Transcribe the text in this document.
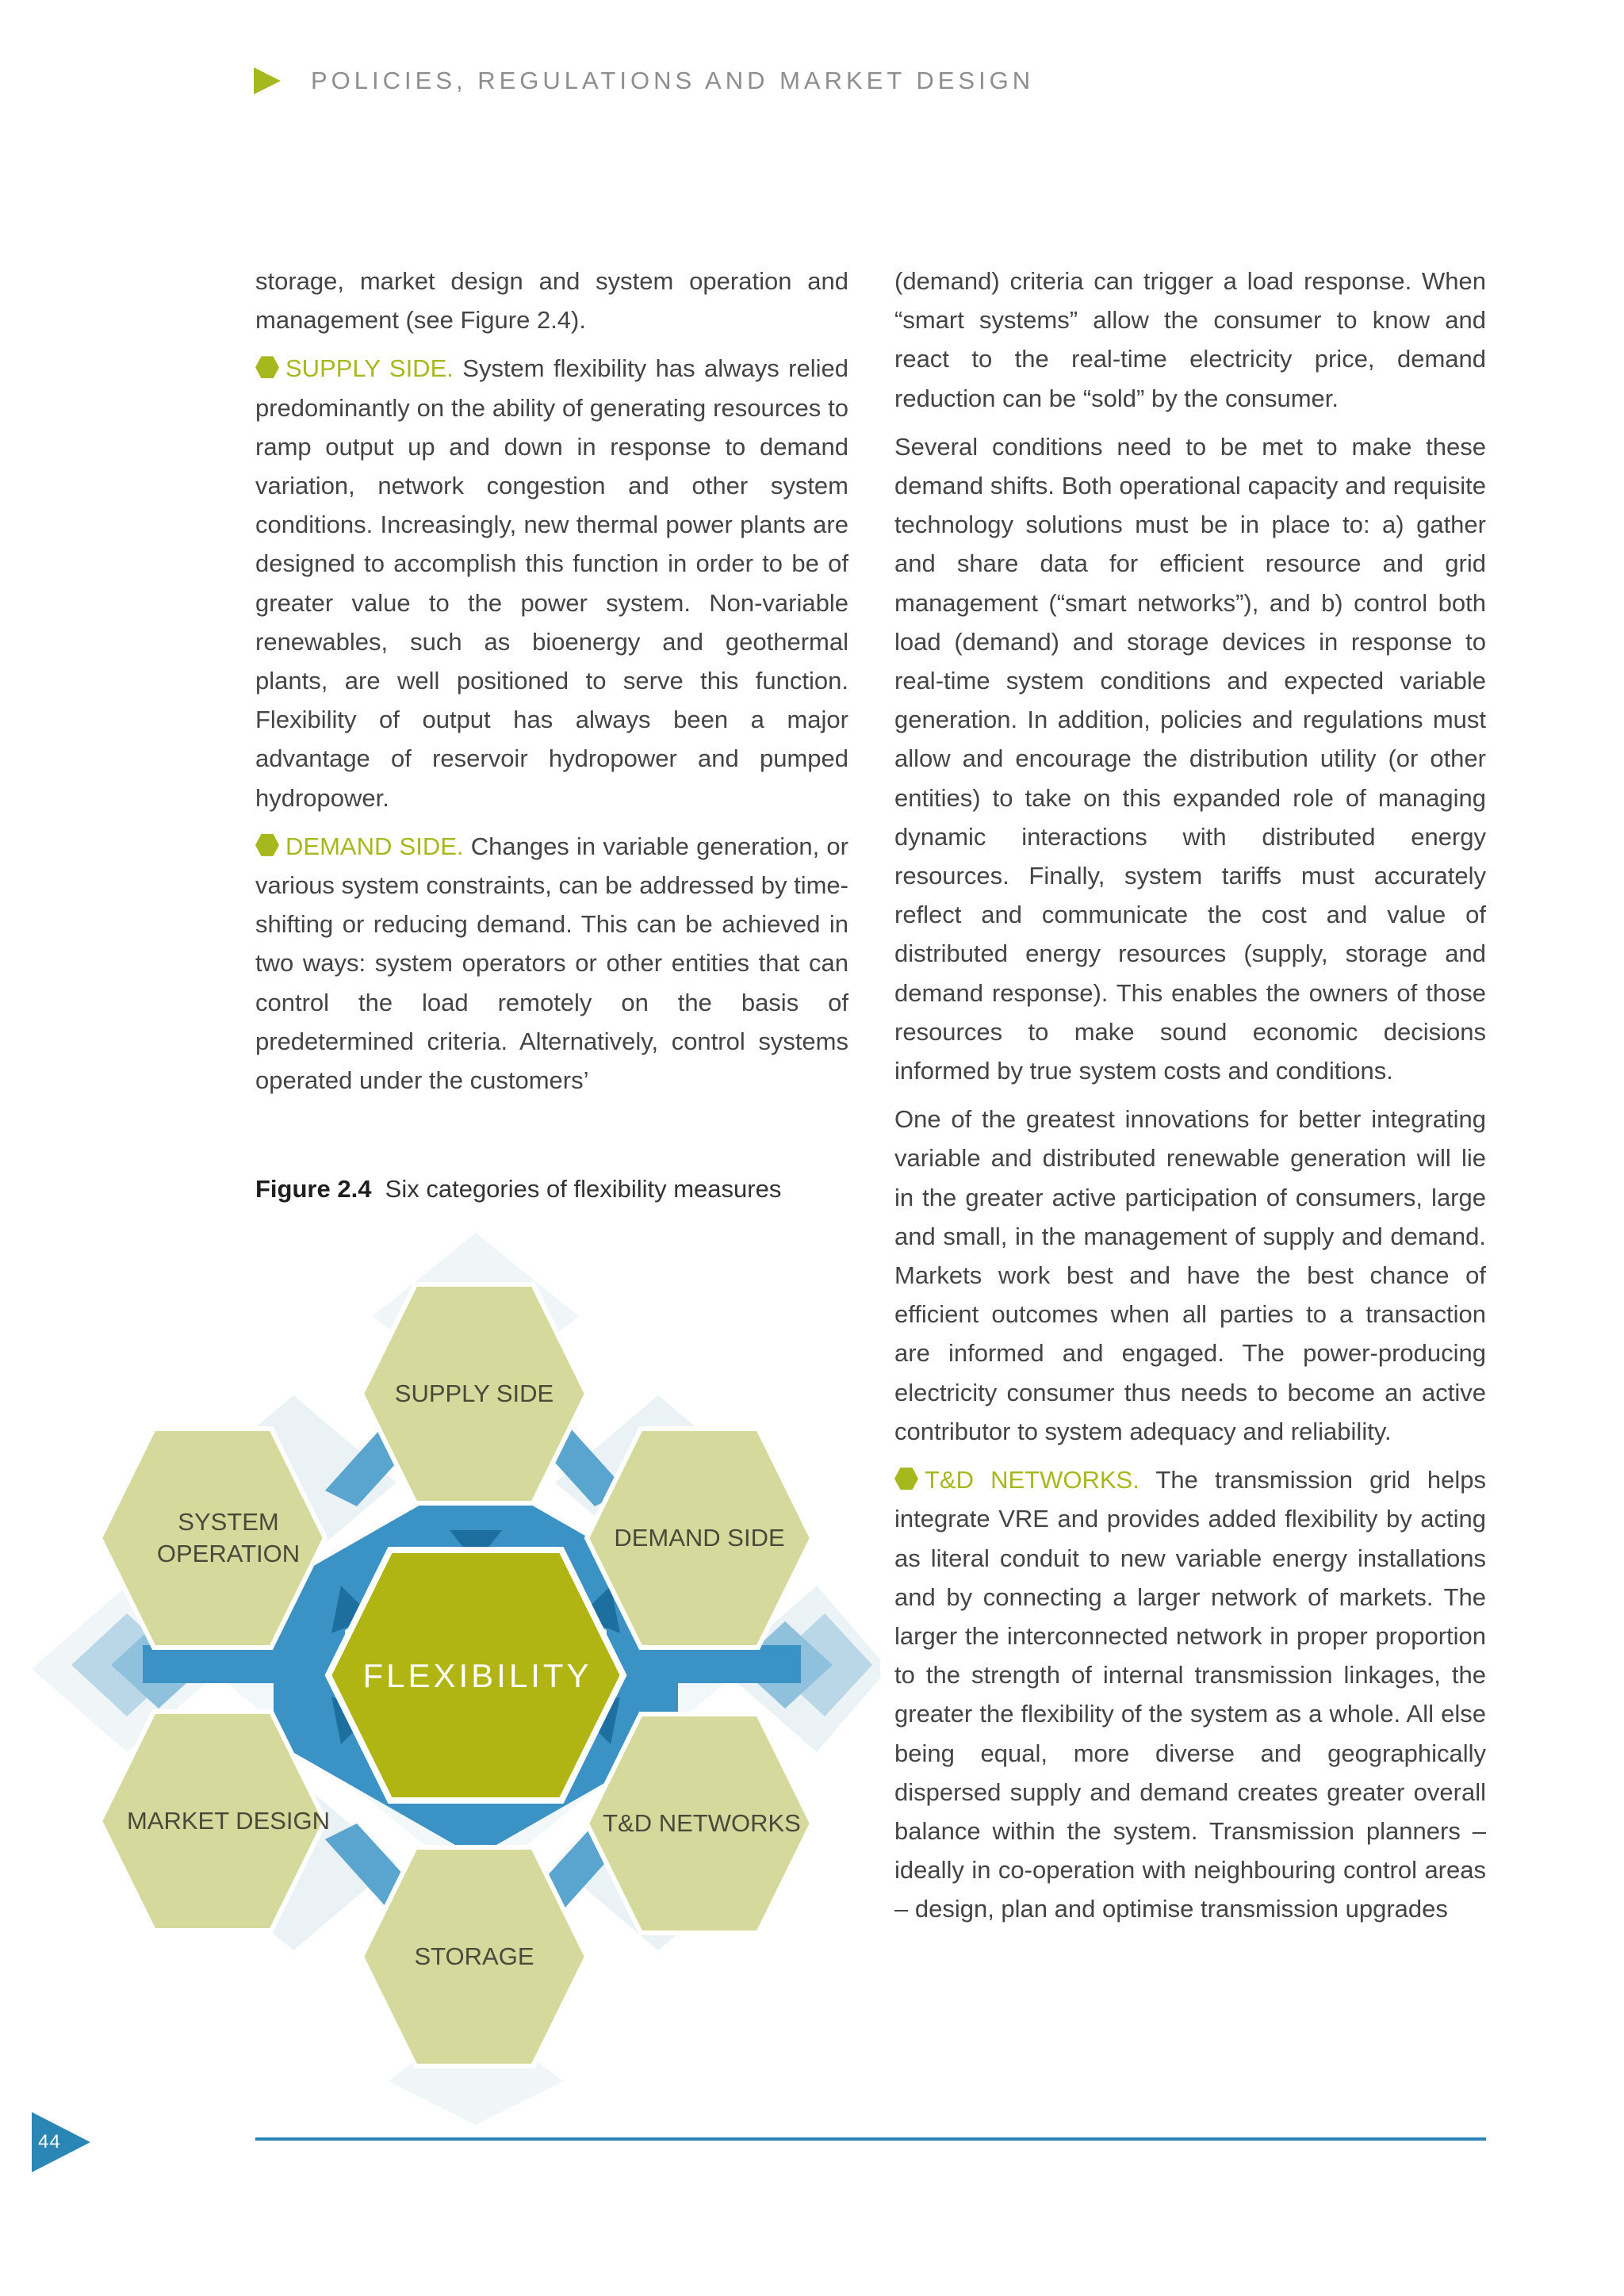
POLICIES, REGULATIONS AND MARKET DESIGN

storage, market design and system operation and management (see Figure 2.4).

SUPPLY SIDE. System flexibility has always relied predominantly on the ability of generating resources to ramp output up and down in response to demand variation, network congestion and other system conditions. Increasingly, new thermal power plants are designed to accomplish this function in order to be of greater value to the power system. Non-variable renewables, such as bioenergy and geothermal plants, are well positioned to serve this function. Flexibility of output has always been a major advantage of reservoir hydropower and pumped hydropower.

DEMAND SIDE. Changes in variable generation, or various system constraints, can be addressed by time-shifting or reducing demand. This can be achieved in two ways: system operators or other entities that can control the load remotely on the basis of predetermined criteria. Alternatively, control systems operated under the customers’

Figure 2.4 Six categories of flexibility measures
SUPPLY SIDE
DEMAND SIDE
T&D NETWORKS
STORAGE
MARKET DESIGN
SYSTEM
OPERATION
FLEXIBILITY

(demand) criteria can trigger a load response. When “smart systems” allow the consumer to know and react to the real-time electricity price, demand reduction can be “sold” by the consumer.

Several conditions need to be met to make these demand shifts. Both operational capacity and requisite technology solutions must be in place to: a) gather and share data for efficient resource and grid management (“smart networks”), and b) control both load (demand) and storage devices in response to real-time system conditions and expected variable generation. In addition, policies and regulations must allow and encourage the distribution utility (or other entities) to take on this expanded role of managing dynamic interactions with distributed energy resources. Finally, system tariffs must accurately reflect and communicate the cost and value of distributed energy resources (supply, storage and demand response). This enables the owners of those resources to make sound economic decisions informed by true system costs and conditions.

One of the greatest innovations for better integrating variable and distributed renewable generation will lie in the greater active participation of consumers, large and small, in the management of supply and demand. Markets work best and have the best chance of efficient outcomes when all parties to a transaction are informed and engaged. The power-producing electricity consumer thus needs to become an active contributor to system adequacy and reliability.

T&D NETWORKS. The transmission grid helps integrate VRE and provides added flexibility by acting as literal conduit to new variable energy installations and by connecting a larger network of markets. The larger the interconnected network in proper proportion to the strength of internal transmission linkages, the greater the flexibility of the system as a whole. All else being equal, more diverse and geographically dispersed supply and demand creates greater overall balance within the system. Transmission planners – ideally in co-operation with neighbouring control areas – design, plan and optimise transmission upgrades

44
